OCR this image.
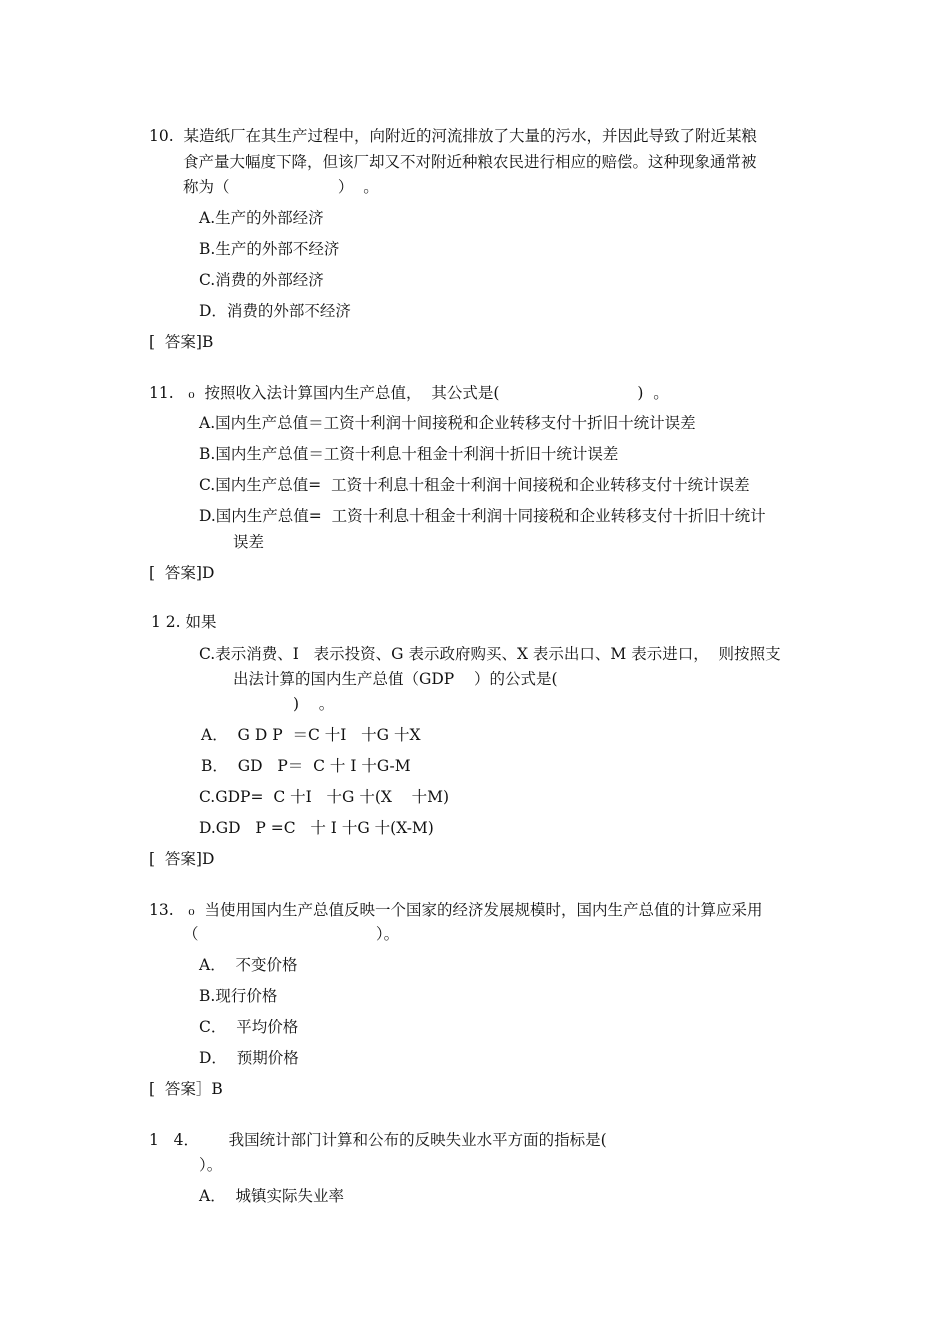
10.  某造纸厂在其生产过程中，向附近的河流排放了大量的污水，并因此导致了附近某粮
食产量大幅度下降，但该厂却又不对附近种粮农民进行相应的赔偿。这种现象通常被
称为（                      ）  。
A.生产的外部经济
B.生产的外部不经济
C.消费的外部经济
D．消费的外部不经济
[  答案]B
11.   ₀  按照收入法计算国内生产总值，  其公式是(                            )  。
A.国内生产总值＝工资十利润十间接税和企业转移支付十折旧十统计误差
B.国内生产总值＝工资十利息十租金十利润十折旧十统计误差
C.国内生产总值=  工资十利息十租金十利润十间接税和企业转移支付十统计误差
D.国内生产总值=  工资十利息十租金十利润十同接税和企业转移支付十折旧十统计
误差
[  答案]D
1 2. 如果
C.表示消费、I   表示投资、G 表示政府购买、X 表示出口、M 表示进口，  则按照支
出法计算的国内生产总值（GDP    ）的公式是(
)    。
A．  G D P  ＝C 十I   十G 十X
B．  GD   P＝  C 十 I 十G-M
C.GDP=  C 十I   十G 十(X    十M)
D.GD   P =C   十 I 十G 十(X-M)
[  答案]D
13.   ₀  当使用国内生产总值反映一个国家的经济发展规模时，国内生产总值的计算应采用
（                                    ）。
A．  不变价格
B.现行价格
C．  平均价格
D．  预期价格
[  答案］B
1   4．      我国统计部门计算和公布的反映失业水平方面的指标是(
）。
A．  城镇实际失业率
